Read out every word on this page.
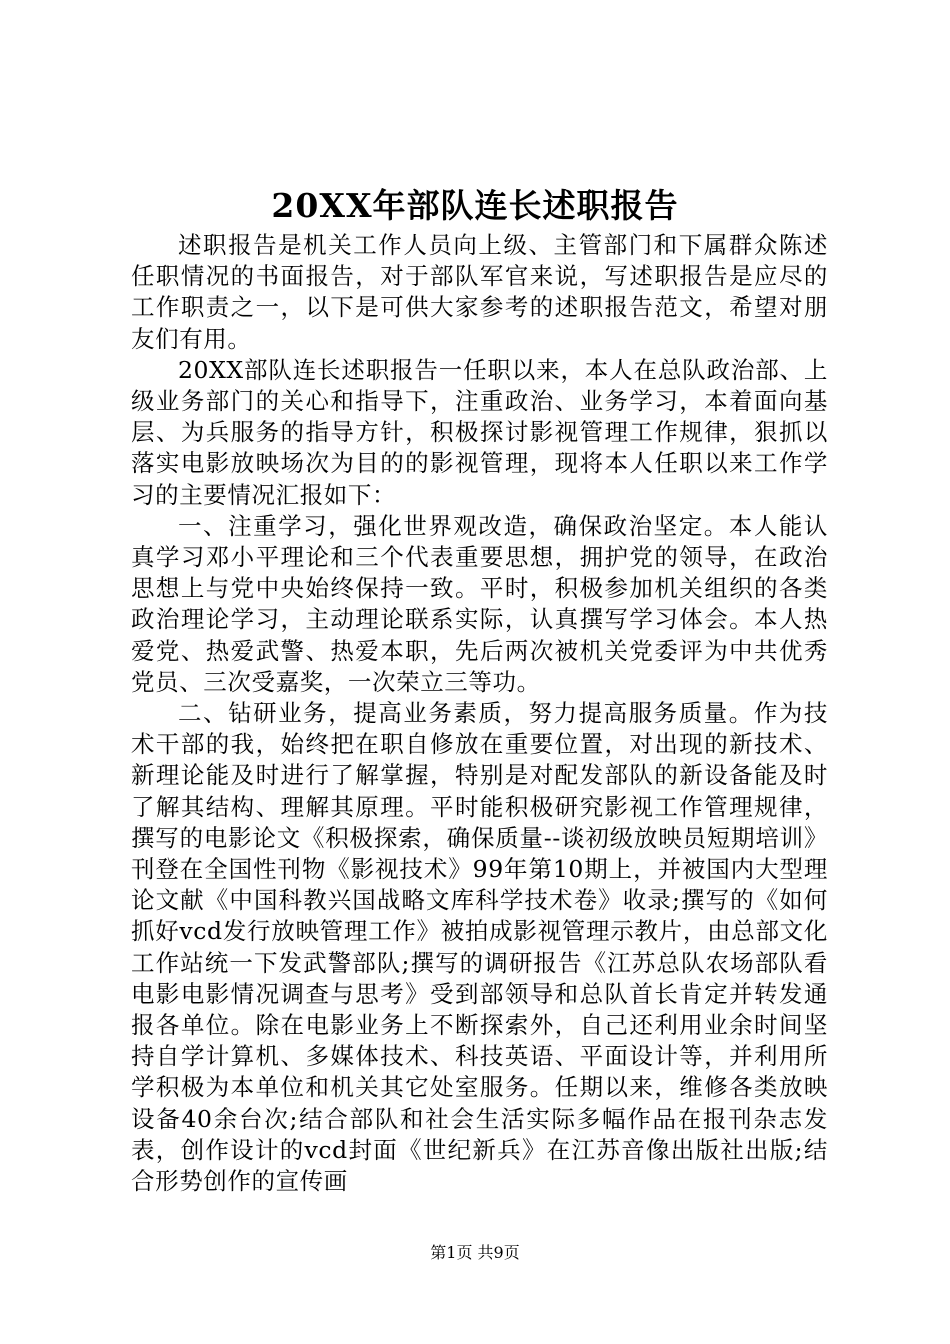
20XX年部队连长述职报告

述职报告是机关工作人员向上级、主管部门和下属群众陈述任职情况的书面报告，对于部队军官来说，写述职报告是应尽的工作职责之一，以下是可供大家参考的述职报告范文，希望对朋友们有用。

20XX部队连长述职报告一任职以来，本人在总队政治部、上级业务部门的关心和指导下，注重政治、业务学习，本着面向基层、为兵服务的指导方针，积极探讨影视管理工作规律，狠抓以落实电影放映场次为目的的影视管理，现将本人任职以来工作学习的主要情况汇报如下：

一、注重学习，强化世界观改造，确保政治坚定。本人能认真学习邓小平理论和三个代表重要思想，拥护党的领导，在政治思想上与党中央始终保持一致。平时，积极参加机关组织的各类政治理论学习，主动理论联系实际，认真撰写学习体会。本人热爱党、热爱武警、热爱本职，先后两次被机关党委评为中共优秀党员、三次受嘉奖，一次荣立三等功。

二、钻研业务，提高业务素质，努力提高服务质量。作为技术干部的我，始终把在职自修放在重要位置，对出现的新技术、新理论能及时进行了解掌握，特别是对配发部队的新设备能及时了解其结构、理解其原理。平时能积极研究影视工作管理规律，撰写的电影论文《积极探索，确保质量--谈初级放映员短期培训》刊登在全国性刊物《影视技术》99年第10期上，并被国内大型理论文献《中国科教兴国战略文库科学技术卷》收录;撰写的《如何抓好vcd发行放映管理工作》被拍成影视管理示教片，由总部文化工作站统一下发武警部队;撰写的调研报告《江苏总队农场部队看电影电影情况调查与思考》受到部领导和总队首长肯定并转发通报各单位。除在电影业务上不断探索外，自己还利用业余时间坚持自学计算机、多媒体技术、科技英语、平面设计等，并利用所学积极为本单位和机关其它处室服务。任期以来，维修各类放映设备40余台次;结合部队和社会生活实际多幅作品在报刊杂志发表，创作设计的vcd封面《世纪新兵》在江苏音像出版社出版;结合形势创作的宣传画

第1页 共9页
